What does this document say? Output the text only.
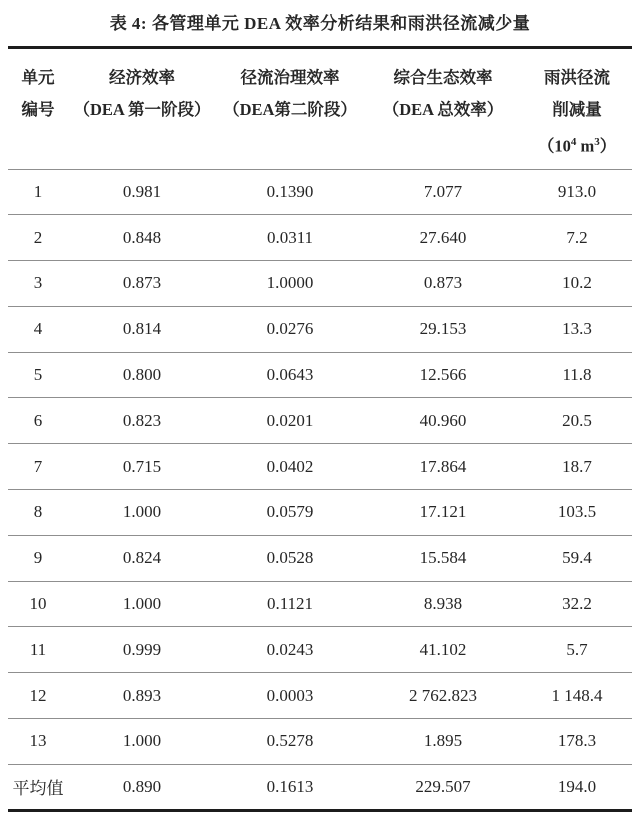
表 4: 各管理单元 DEA 效率分析结果和雨洪径流减少量
单元
编号

经济效率
（DEA 第一阶段）

径流治理效率
（DEA第二阶段）

综合生态效率
（DEA 总效率）

雨洪径流
削减量
（$10^4$ $m^3$）

1	0.981	0.1390	7.077	913.0
2	0.848	0.0311	27.640	7.2
3	0.873	1.0000	0.873	10.2
4	0.814	0.0276	29.153	13.3
5	0.800	0.0643	12.566	11.8
6	0.823	0.0201	40.960	20.5
7	0.715	0.0402	17.864	18.7
8	1.000	0.0579	17.121	103.5
9	0.824	0.0528	15.584	59.4
10	1.000	0.1121	8.938	32.2
11	0.999	0.0243	41.102	5.7
12	0.893	0.0003	2 762.823	1 148.4
13	1.000	0.5278	1.895	178.3
平均值	0.890	0.1613	229.507	194.0
